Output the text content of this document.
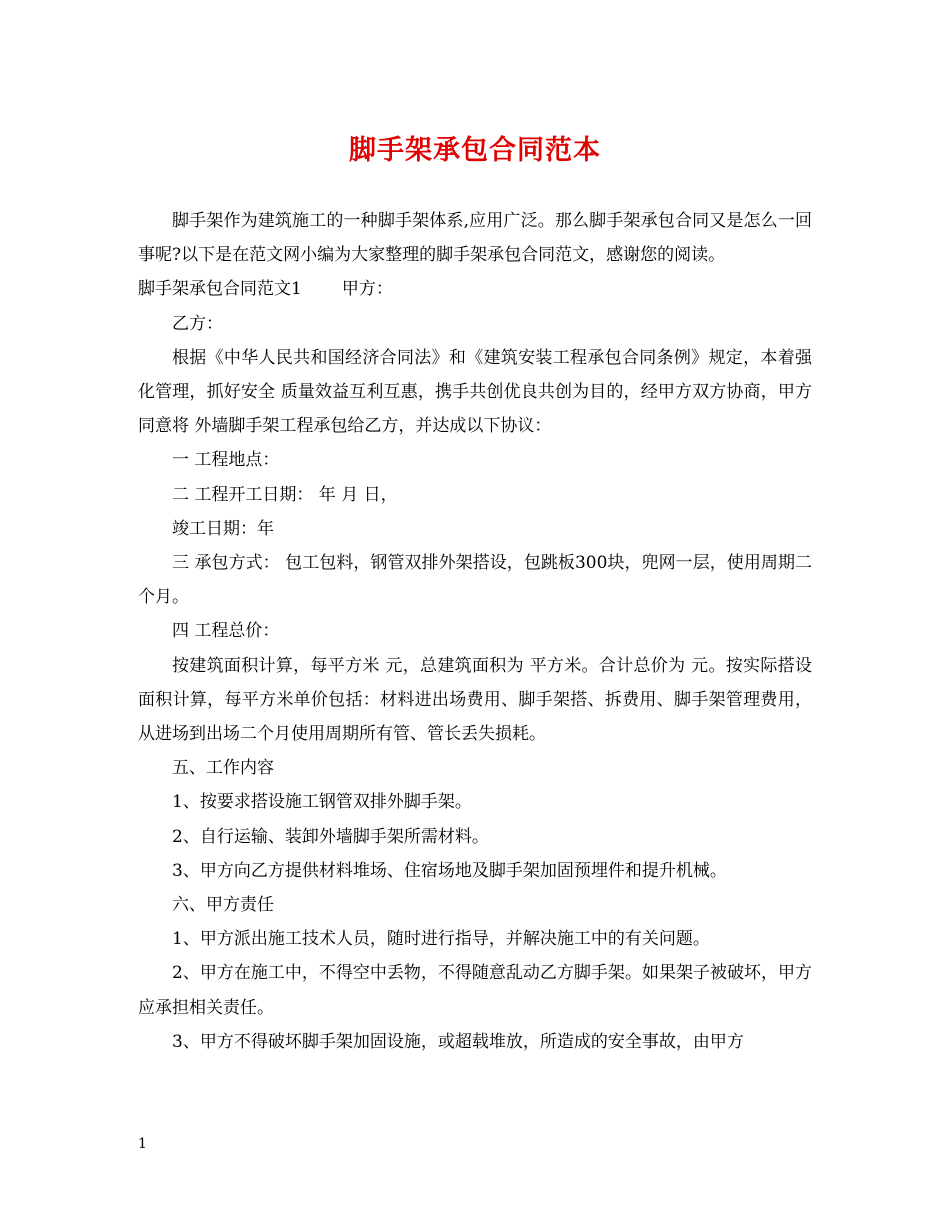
脚手架承包合同范本

脚手架作为建筑施工的一种脚手架体系,应用广泛。那么脚手架承包合同又是怎么一回事呢?以下是在范文网小编为大家整理的脚手架承包合同范文，感谢您的阅读。

脚手架承包合同范文1 甲方：

乙方：

根据《中华人民共和国经济合同法》和《建筑安装工程承包合同条例》规定，本着强化管理，抓好安全 质量效益互利互惠，携手共创优良共创为目的，经甲方双方协商，甲方同意将 外墙脚手架工程承包给乙方，并达成以下协议：

一 工程地点：

二 工程开工日期： 年 月 日，

竣工日期：年

三 承包方式： 包工包料，钢管双排外架搭设，包跳板300块，兜网一层，使用周期二个月。

四 工程总价：

按建筑面积计算，每平方米 元，总建筑面积为 平方米。合计总价为 元。按实际搭设面积计算，每平方米单价包括：材料进出场费用、脚手架搭、拆费用、脚手架管理费用，从进场到出场二个月使用周期所有管、管长丢失损耗。

五、工作内容

1、按要求搭设施工钢管双排外脚手架。

2、自行运输、装卸外墙脚手架所需材料。

3、甲方向乙方提供材料堆场、住宿场地及脚手架加固预埋件和提升机械。

六、甲方责任

1、甲方派出施工技术人员，随时进行指导，并解决施工中的有关问题。

2、甲方在施工中，不得空中丢物，不得随意乱动乙方脚手架。如果架子被破坏，甲方应承担相关责任。

3、甲方不得破坏脚手架加固设施，或超载堆放，所造成的安全事故，由甲方

1
